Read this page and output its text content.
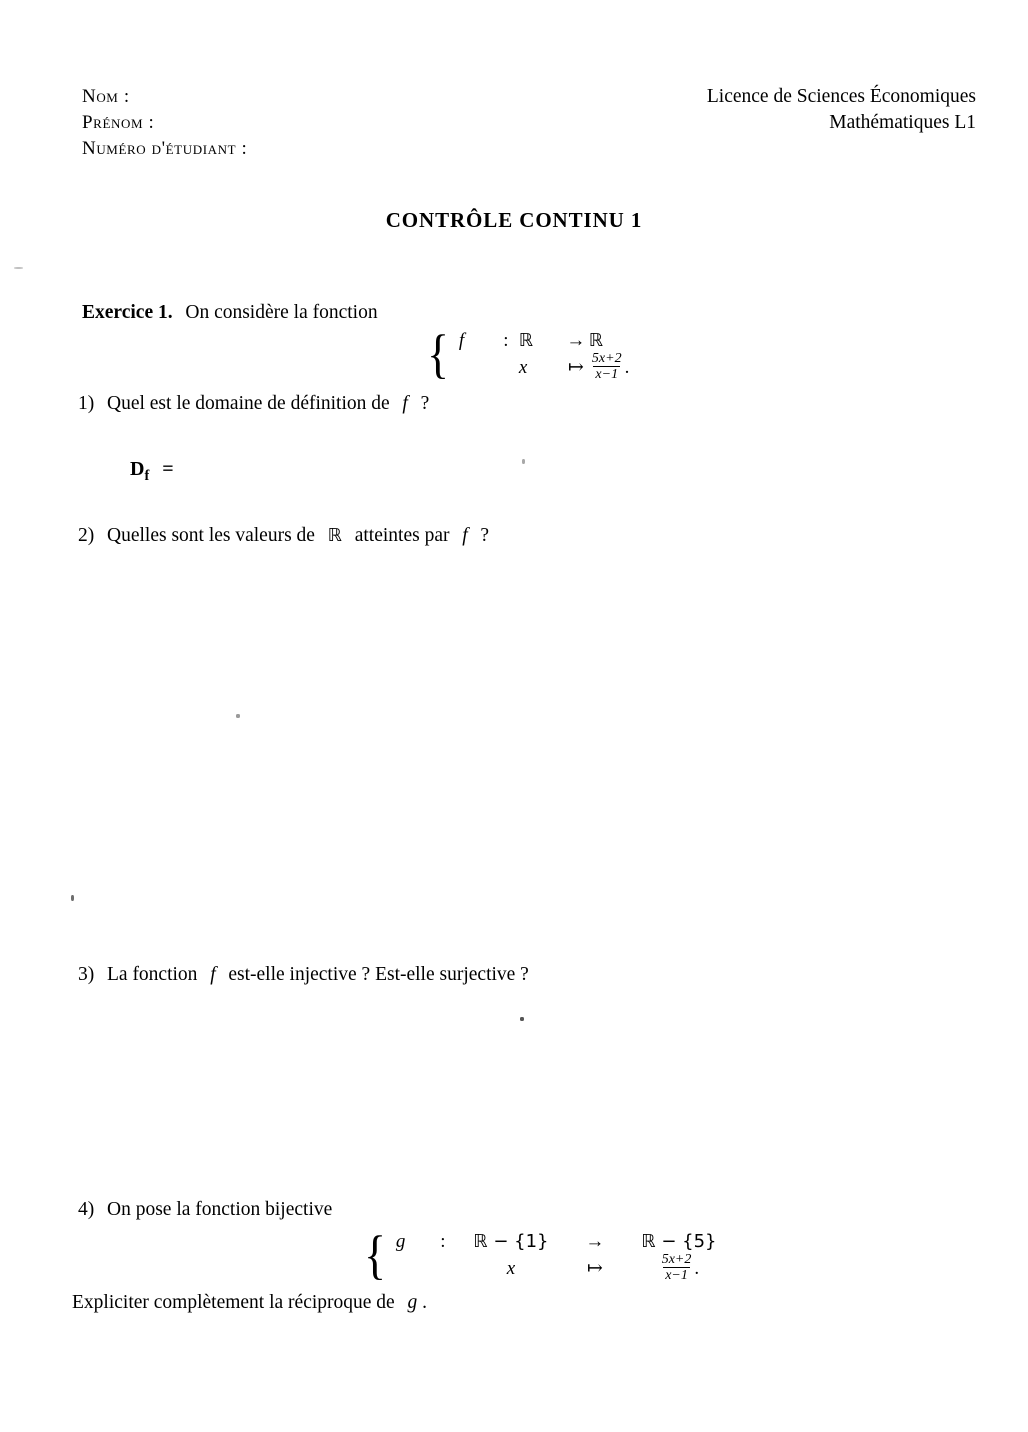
Nom :
Prénom :
Numéro d'étudiant :
Licence de Sciences Économiques
Mathématiques L1
CONTRÔLE CONTINU 1
Exercice 1. On considère la fonction
{ f	: ℝ	→ ℝ
x	↦ $\frac{5x+2}{x-1}$ .
1) Quel est le domaine de définition de f ?
$D_f$ =
2) Quelles sont les valeurs de ℝ atteintes par f ?
3) La fonction f est-elle injective ? Est-elle surjective ?
4) On pose la fonction bijective
{ g	:	ℝ − {1}	→	ℝ − {5}
x	↦	$\frac{5x+2}{x-1}$ .
Expliciter complètement la réciproque de g .
